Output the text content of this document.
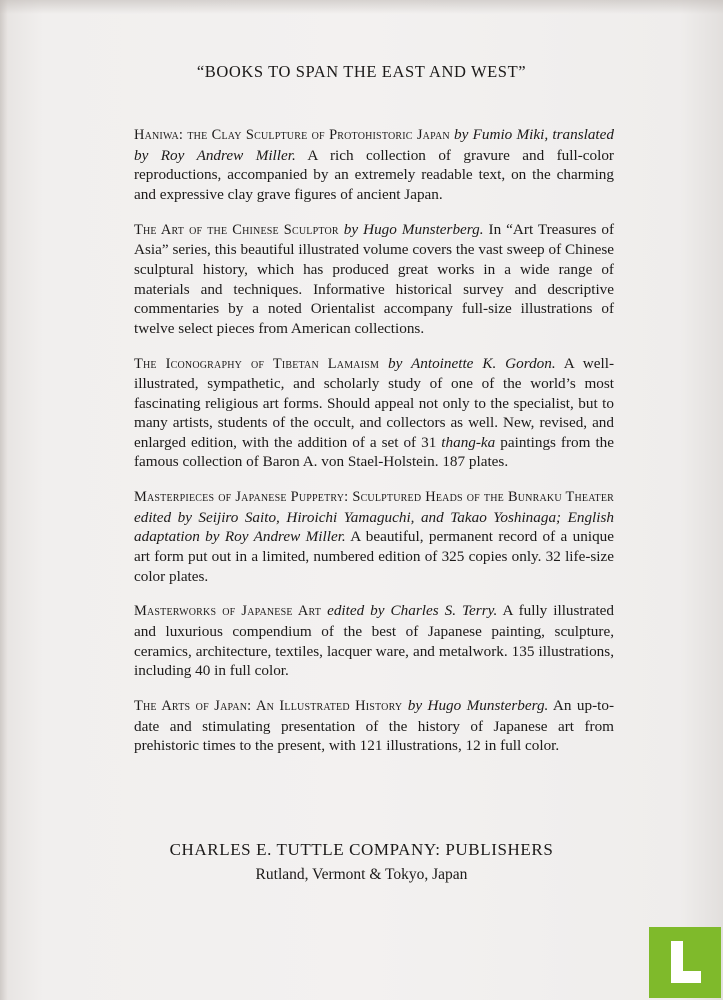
“BOOKS TO SPAN THE EAST AND WEST”

Haniwa: the Clay Sculpture of Protohistoric Japan by Fumio Miki, translated by Roy Andrew Miller. A rich collection of gravure and full-color reproductions, accompanied by an extremely readable text, on the charming and expressive clay grave figures of ancient Japan.

The Art of the Chinese Sculptor by Hugo Munsterberg. In “Art Treasures of Asia” series, this beautiful illustrated volume covers the vast sweep of Chinese sculptural history, which has produced great works in a wide range of materials and techniques. Informative historical survey and descriptive commentaries by a noted Orientalist accompany full-size illustrations of twelve select pieces from American collections.

The Iconography of Tibetan Lamaism by Antoinette K. Gordon. A well-illustrated, sympathetic, and scholarly study of one of the world’s most fascinating religious art forms. Should appeal not only to the specialist, but to many artists, students of the occult, and collectors as well. New, revised, and enlarged edition, with the addition of a set of 31 thang-ka paintings from the famous collection of Baron A. von Stael-Holstein. 187 plates.

Masterpieces of Japanese Puppetry: Sculptured Heads of the Bunraku Theater edited by Seijiro Saito, Hiroichi Yamaguchi, and Takao Yoshinaga; English adaptation by Roy Andrew Miller. A beautiful, permanent record of a unique art form put out in a limited, numbered edition of 325 copies only. 32 life-size color plates.

Masterworks of Japanese Art edited by Charles S. Terry. A fully illustrated and luxurious compendium of the best of Japanese painting, sculpture, ceramics, architecture, textiles, lacquer ware, and metalwork. 135 illustrations, including 40 in full color.

The Arts of Japan: An Illustrated History by Hugo Munsterberg. An up-to-date and stimulating presentation of the history of Japanese art from prehistoric times to the present, with 121 illustrations, 12 in full color.

CHARLES E. TUTTLE COMPANY: PUBLISHERS
Rutland, Vermont & Tokyo, Japan
